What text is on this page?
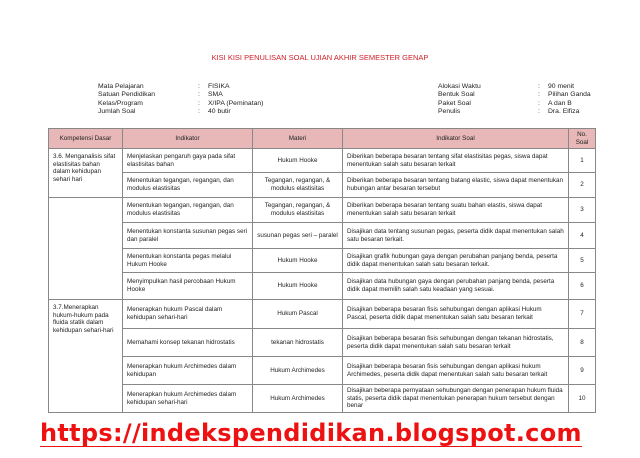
KISI KISI PENULISAN SOAL UJIAN AKHIR SEMESTER GENAP
Mata Pelajaran	:	FISIKA
Satuan Pendidikan	:	SMA
Kelas/Program	:	X/IPA (Peminatan)
Jumlah Soal	:	40 butir
Alokasi Waktu	:	90 menit
Bentuk Soal	:	Pilihan Ganda
Paket Soal	:	A dan B
Penulis	:	Dra. Elfiza
Kompetensi Dasar	Indikator	Materi	Indikator Soal	No. Soal
3.6. Menganalisis sifat elastisitas bahan dalam kehidupan sehari hari	Menjelaskan pengaruh gaya pada sifat elastisitas bahan	Hukum Hooke	Diberikan beberapa besaran tentang sifat elastisitas pegas, siswa dapat menentukan salah satu besaran terkait	1
	Menentukan tegangan, regangan, dan modulus elastisitas	Tegangan, regangan, & modulus elastisitas	Diberikan beberapa besaran tentang batang elastic, siswa dapat menentukan hubungan antar besaran tersebut	2
	Menentukan tegangan, regangan, dan modulus elastisitas	Tegangan, regangan, & modulus elastisitas	Diberikan beberapa besaran tentang suatu bahan elastis, siswa dapat menentukan salah satu besaran terkait	3
	Menentukan konstanta susunan pegas seri dan paralel	susunan pegas seri – paralel	Disajikan data tentang susunan pegas, peserta didik dapat menentukan salah satu besaran terkait.	4
	Menentukan konstanta pegas melalui Hukum Hooke	Hukum Hooke	Disajikan grafik hubungan gaya dengan perubahan panjang benda, peserta didik dapat menentukan salah satu besaran terkait.	5
	Menyimpulkan hasil percobaan Hukum Hooke	Hukum Hooke	Disajikan data hubungan gaya dengan perubahan panjang benda, peserta didik dapat memilih salah satu keadaan yang sesuai.	6
3.7.Menerapkan hukum-hukum pada fluida statik dalam kehidupan sehari-hari	Menerapkan hukum Pascal dalam kehidupan sehari-hari	Hukum Pascal	Disajikan beberapa besaran fisis sehubungan dengan aplikasi Hukum Pascal, peserta didik dapat menentukan salah satu besaran terkait	7
	Memahami konsep tekanan hidrostatis	tekanan hidrostatis	Disajikan beberapa besaran fisis sehubungan dengan tekanan hidrostatis, peserta didik dapat menentukan salah satu besaran terkait	8
	Menerapkan hukum Archimedes dalam kehidupan	Hukum Archimedes	Disajikan beberapa besaran fisis sehubungan dengan aplikasi hukum Archimedes, peserta didik dapat menentukan salah satu besaran terkait	9
	Menerapkan hukum Archimedes dalam kehidupan sehari-hari	Hukum Archimedes	Disajikan beberapa pernyataan sehubungan dengan penerapan hukum fluida statis, peserta didik dapat menentukan penerapan hukum tersebut dengan benar	10
https://indekspendidikan.blogspot.com
